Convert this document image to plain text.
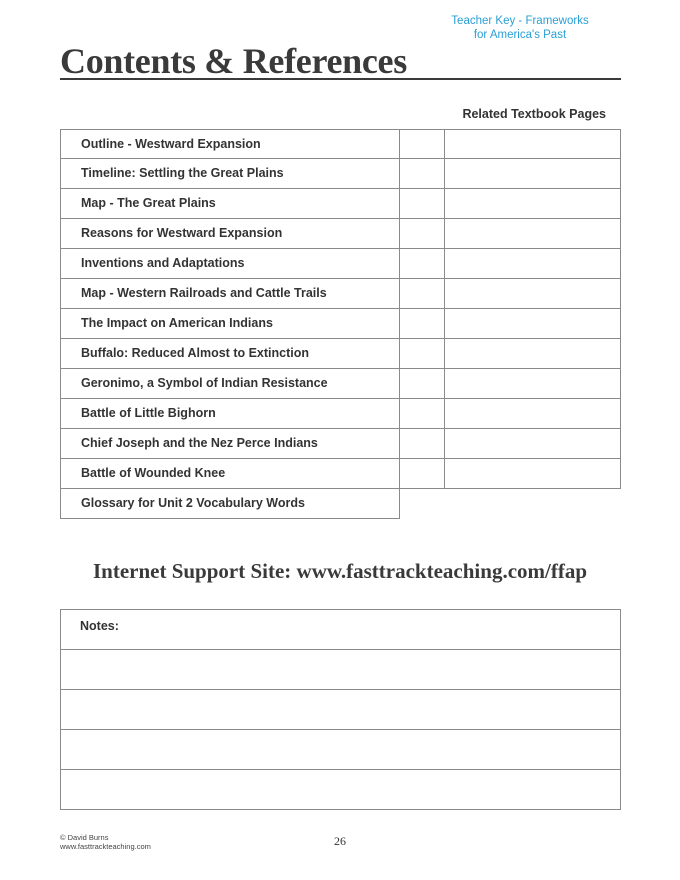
Teacher Key - Frameworks
for America's Past
Contents & References
Related Textbook Pages
Outline - Westward Expansion
Timeline: Settling the Great Plains
Map - The Great Plains
Reasons for Westward Expansion
Inventions and Adaptations
Map - Western Railroads and Cattle Trails
The Impact on American Indians
Buffalo: Reduced Almost to Extinction
Geronimo, a Symbol of Indian Resistance
Battle of Little Bighorn
Chief Joseph and the Nez Perce Indians
Battle of Wounded Knee
Glossary for Unit 2 Vocabulary Words
Internet Support Site: www.fasttrackteaching.com/ffap
Notes:
© David Burns
www.fasttrackteaching.com	26
